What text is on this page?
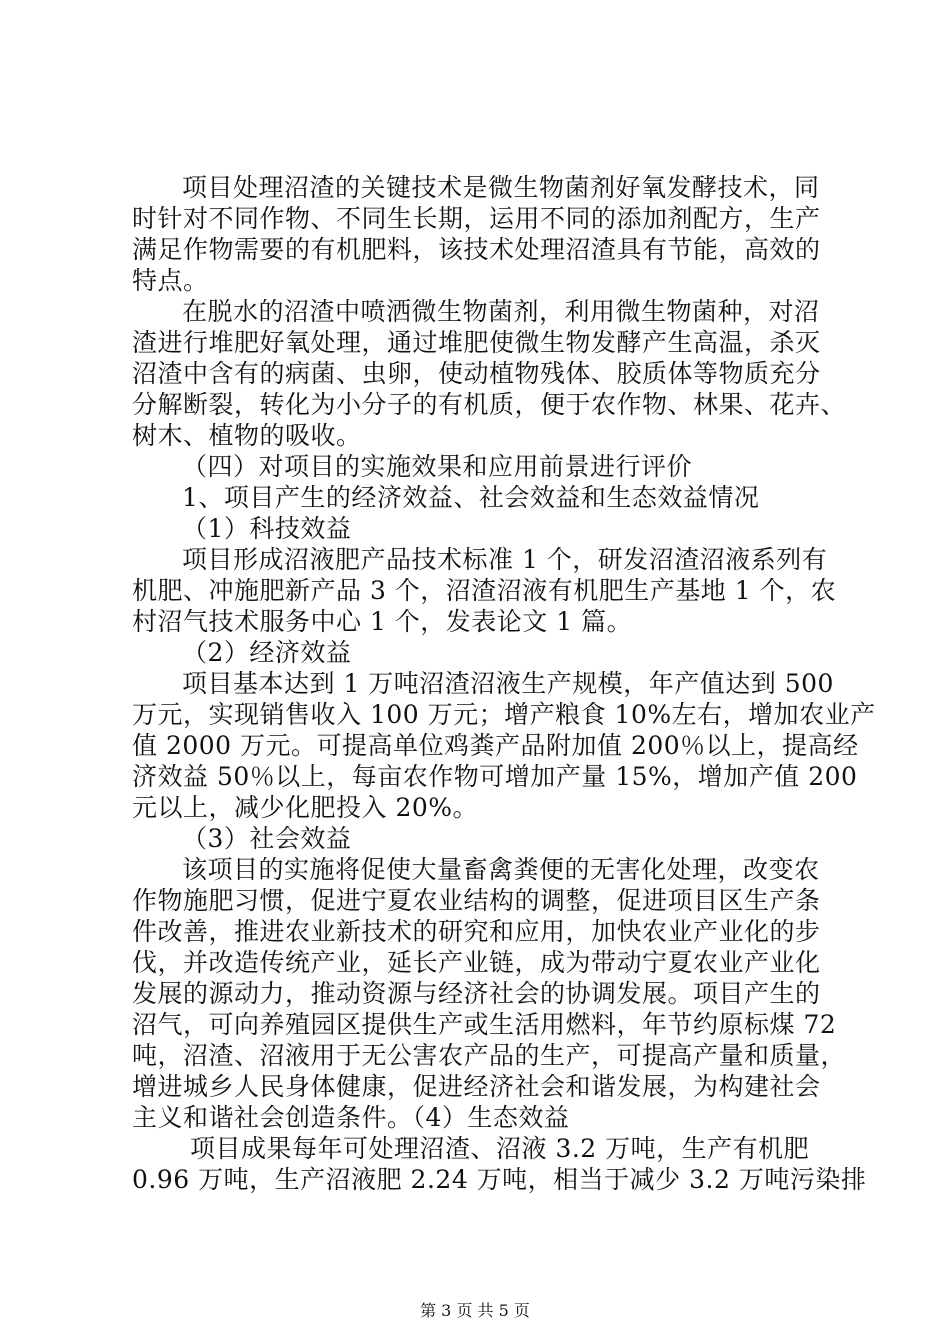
项目处理沼渣的关键技术是微生物菌剂好氧发酵技术，同
时针对不同作物、不同生长期，运用不同的添加剂配方，生产
满足作物需要的有机肥料，该技术处理沼渣具有节能，高效的
特点。
在脱水的沼渣中喷洒微生物菌剂，利用微生物菌种，对沼
渣进行堆肥好氧处理，通过堆肥使微生物发酵产生高温，杀灭
沼渣中含有的病菌、虫卵，使动植物残体、胶质体等物质充分
分解断裂，转化为小分子的有机质，便于农作物、林果、花卉、
树木、植物的吸收。
（四）对项目的实施效果和应用前景进行评价
1、项目产生的经济效益、社会效益和生态效益情况
（1）科技效益
项目形成沼液肥产品技术标准 1 个，研发沼渣沼液系列有
机肥、冲施肥新产品 3 个，沼渣沼液有机肥生产基地 1 个，农
村沼气技术服务中心 1 个，发表论文 1 篇。
（2）经济效益
项目基本达到 1 万吨沼渣沼液生产规模，年产值达到 500
万元，实现销售收入 100 万元；增产粮食 10%左右，增加农业产
值 2000 万元。可提高单位鸡粪产品附加值 200％以上，提高经
济效益 50％以上，每亩农作物可增加产量 15%，增加产值 200
元以上，减少化肥投入 20%。
（3）社会效益
该项目的实施将促使大量畜禽粪便的无害化处理，改变农
作物施肥习惯，促进宁夏农业结构的调整，促进项目区生产条
件改善，推进农业新技术的研究和应用，加快农业产业化的步
伐，并改造传统产业，延长产业链，成为带动宁夏农业产业化
发展的源动力，推动资源与经济社会的协调发展。项目产生的
沼气，可向养殖园区提供生产或生活用燃料，年节约原标煤 72
吨，沼渣、沼液用于无公害农产品的生产，可提高产量和质量，
增进城乡人民身体健康，促进经济社会和谐发展，为构建社会
主义和谐社会创造条件。（4）生态效益
项目成果每年可处理沼渣、沼液 3.2 万吨，生产有机肥
0.96 万吨，生产沼液肥 2.24 万吨，相当于减少 3.2 万吨污染排
第 3 页 共 5 页
